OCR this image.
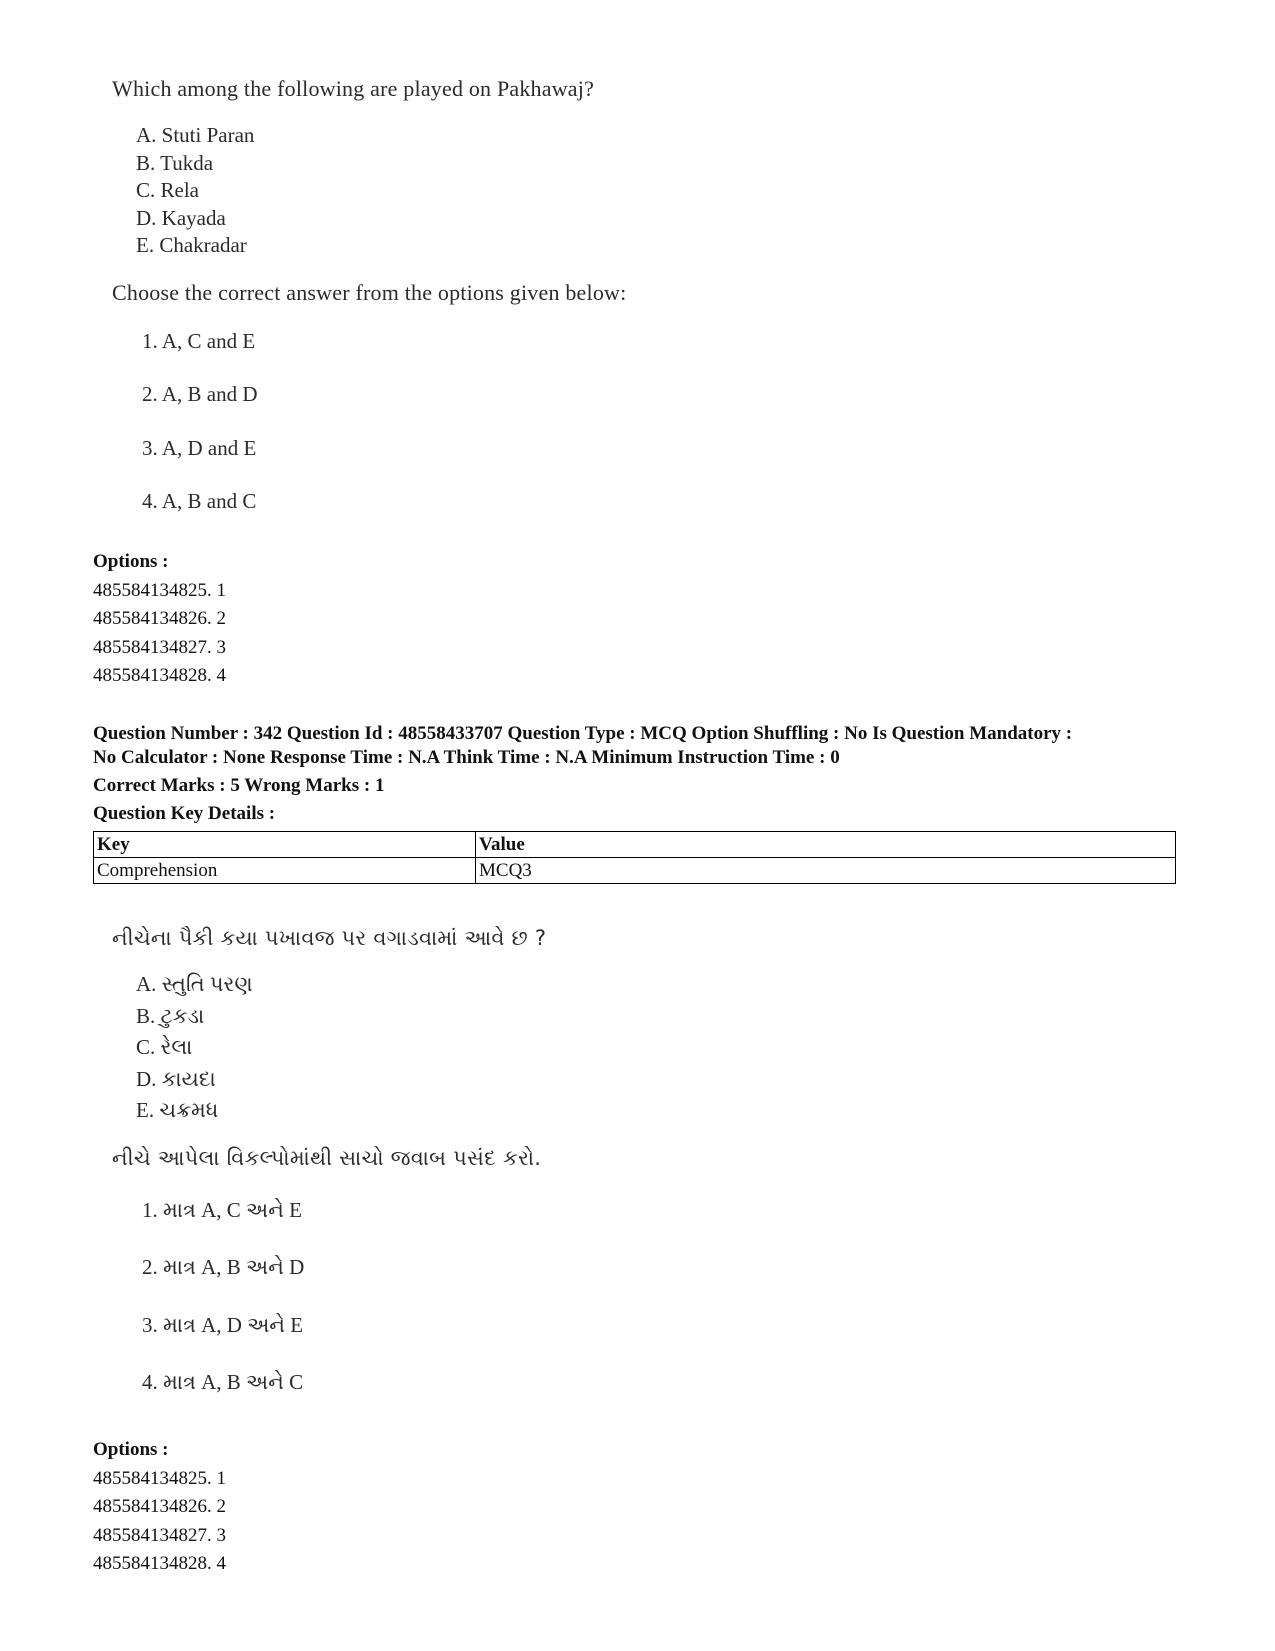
Which among the following are played on Pakhawaj?
A. Stuti Paran
B. Tukda
C. Rela
D. Kayada
E. Chakradar
Choose the correct answer from the options given below:
1. A, C and E
2. A, B and D
3. A, D and E
4. A, B and C
Options :
485584134825. 1
485584134826. 2
485584134827. 3
485584134828. 4
Question Number : 342 Question Id : 48558433707 Question Type : MCQ Option Shuffling : No Is Question Mandatory :
No Calculator : None Response Time : N.A Think Time : N.A Minimum Instruction Time : 0
Correct Marks : 5 Wrong Marks : 1
Question Key Details :
Key	Value
Comprehension	MCQ3
નીચેના પૈકી કયા પખાવજ પર વગાડવામાં આવે છ ?
A. સ્તુતિ પરણ
B. ટુકડા
C. રેલા
D. કાયદા
E. ચક્રમધ
નીચે આપેલા વિકલ્પોમાંથી સાચો જવાબ પસંદ કરો.
1. માત્ર A, C અને E
2. માત્ર A, B અને D
3. માત્ર A, D અને E
4. માત્ર A, B અને C
Options :
485584134825. 1
485584134826. 2
485584134827. 3
485584134828. 4
